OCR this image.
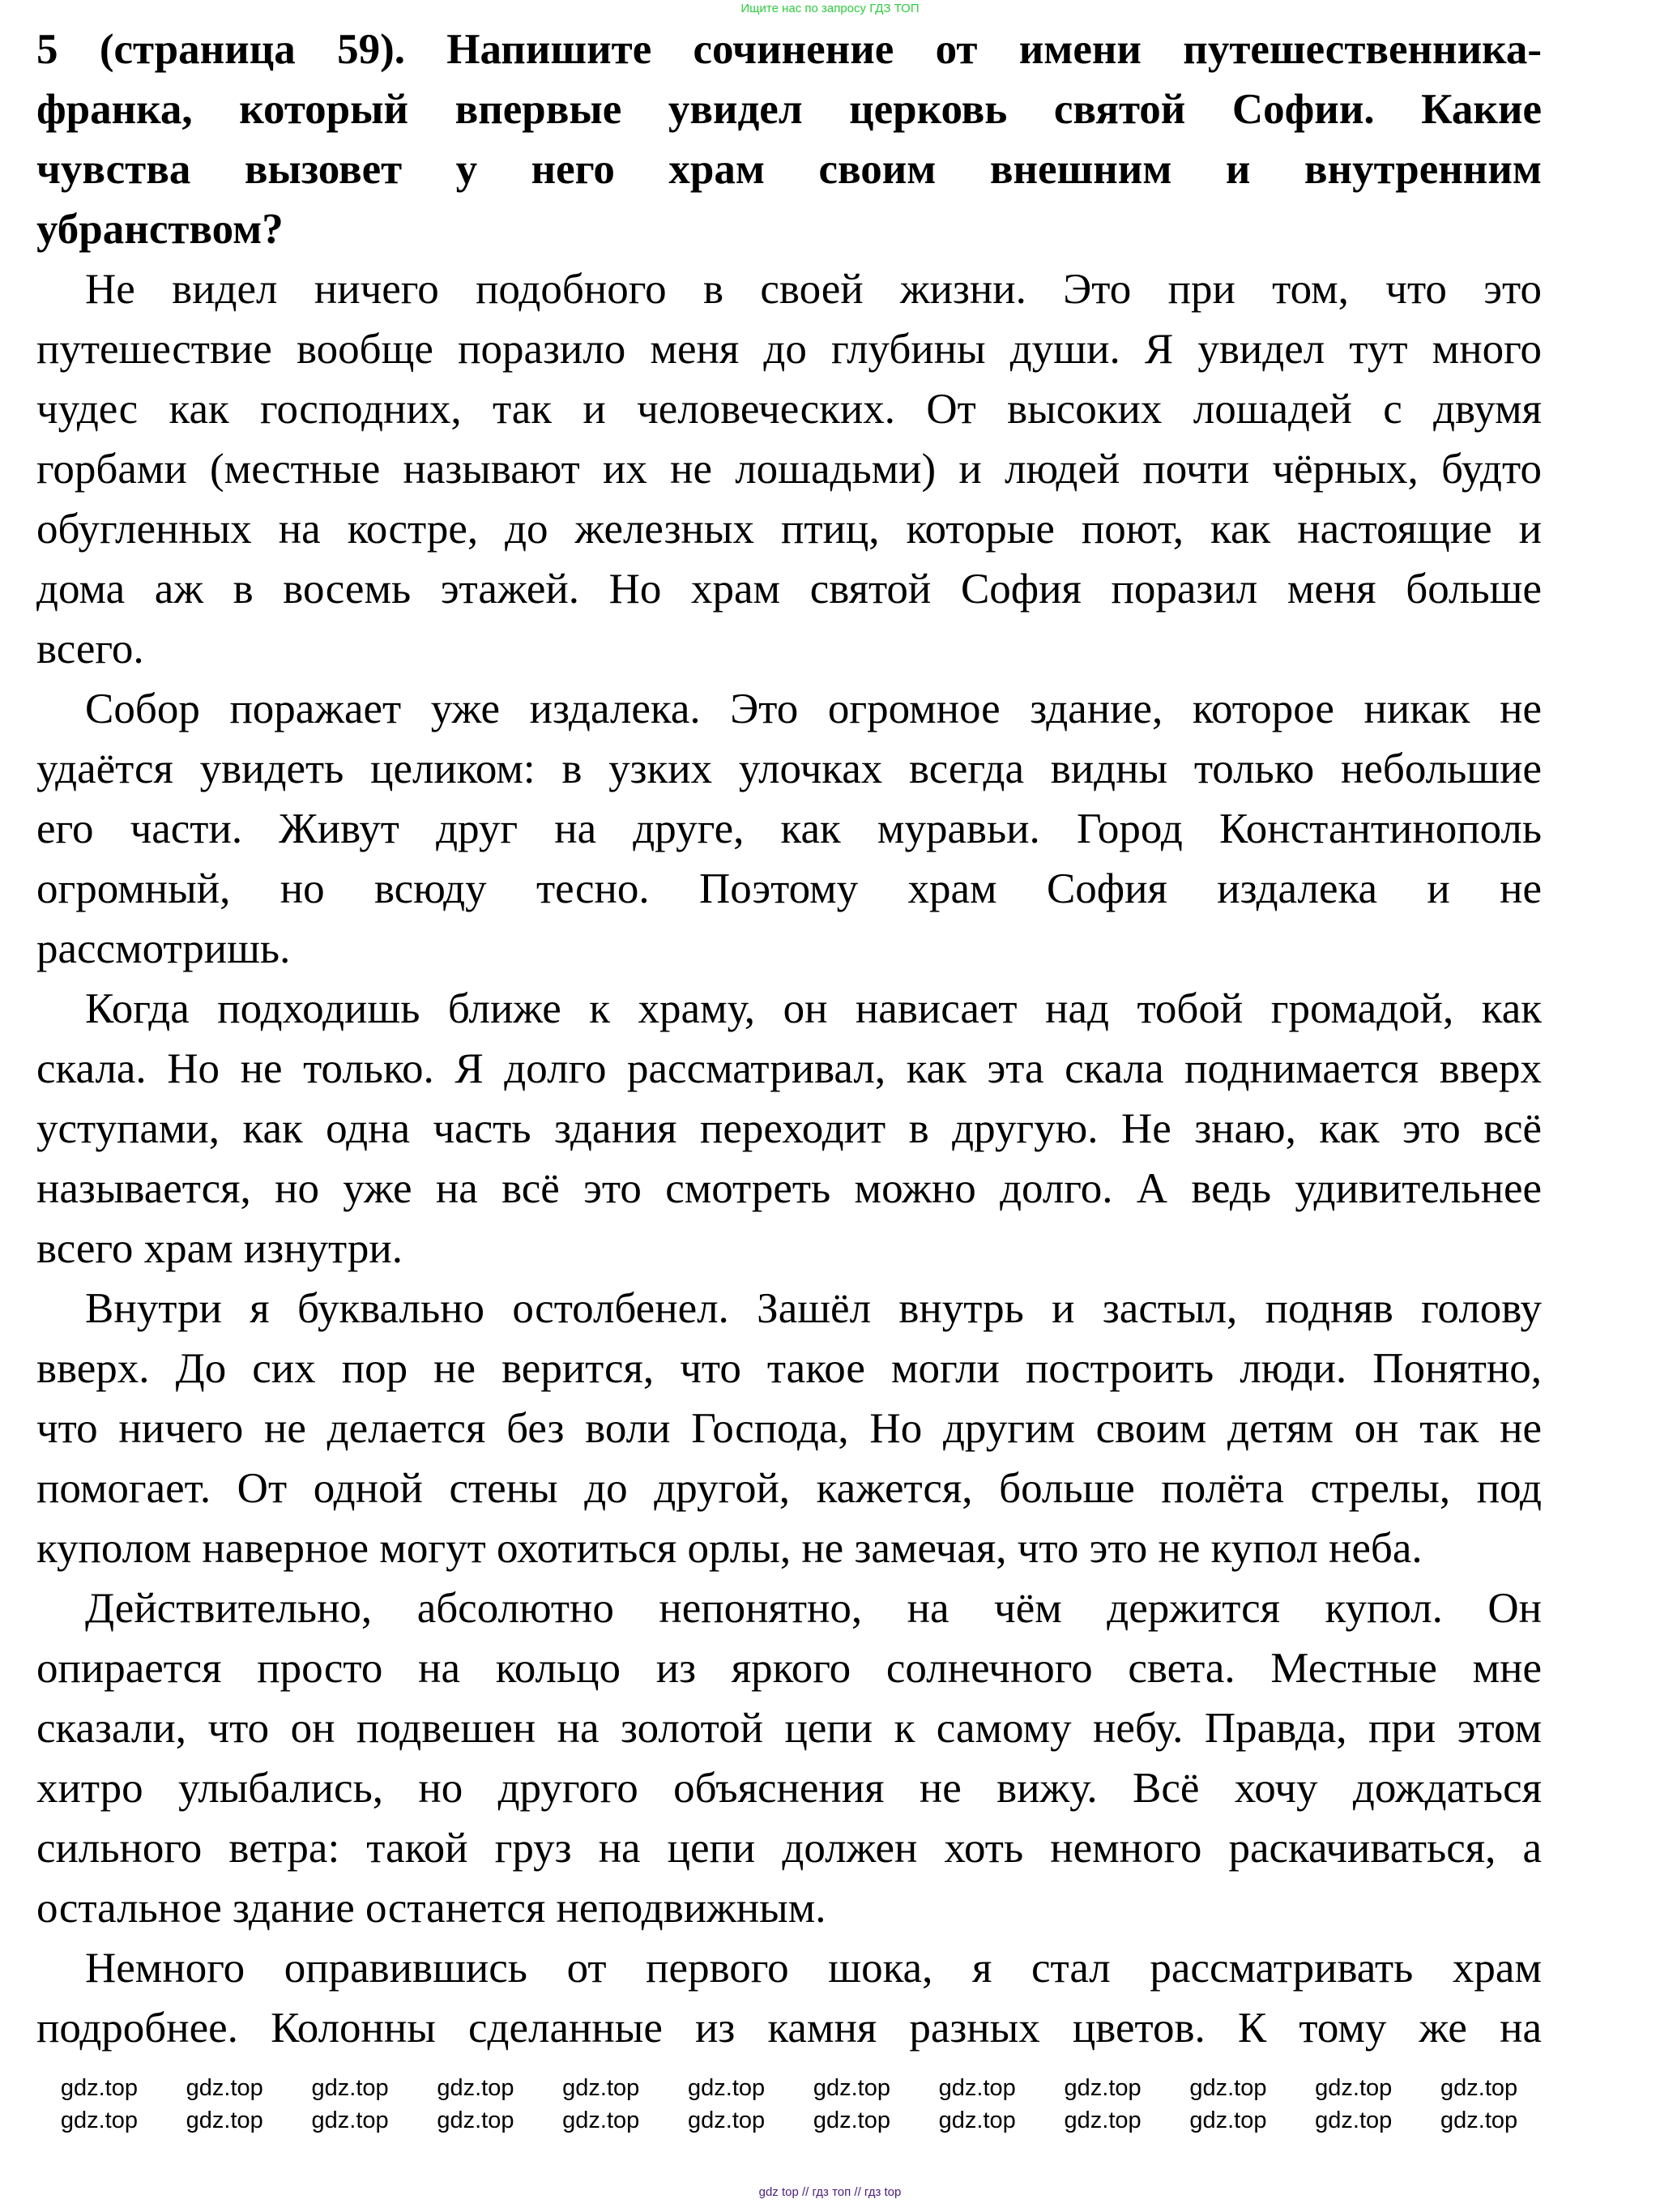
Ищите нас по запросу ГДЗ ТОП
5 (страница 59). Напишите сочинение от имени путешественника-
франка, который впервые увидел церковь святой Софии. Какие
чувства вызовет у него храм своим внешним и внутренним
убранством?
Не видел ничего подобного в своей жизни. Это при том, что это
путешествие вообще поразило меня до глубины души. Я увидел тут много
чудес как господних, так и человеческих. От высоких лошадей с двумя
горбами (местные называют их не лошадьми) и людей почти чёрных, будто
обугленных на костре, до железных птиц, которые поют, как настоящие и
дома аж в восемь этажей. Но храм святой София поразил меня больше
всего.
Собор поражает уже издалека. Это огромное здание, которое никак не
удаётся увидеть целиком: в узких улочках всегда видны только небольшие
его части. Живут друг на друге, как муравьи. Город Константинополь
огромный, но всюду тесно. Поэтому храм София издалека и не
рассмотришь.
Когда подходишь ближе к храму, он нависает над тобой громадой, как
скала. Но не только. Я долго рассматривал, как эта скала поднимается вверх
уступами, как одна часть здания переходит в другую. Не знаю, как это всё
называется, но уже на всё это смотреть можно долго. А ведь удивительнее
всего храм изнутри.
Внутри я буквально остолбенел. Зашёл внутрь и застыл, подняв голову
вверх. До сих пор не верится, что такое могли построить люди. Понятно,
что ничего не делается без воли Господа, Но другим своим детям он так не
помогает. От одной стены до другой, кажется, больше полёта стрелы, под
куполом наверное могут охотиться орлы, не замечая, что это не купол неба.
Действительно, абсолютно непонятно, на чём держится купол. Он
опирается просто на кольцо из яркого солнечного света. Местные мне
сказали, что он подвешен на золотой цепи к самому небу. Правда, при этом
хитро улыбались, но другого объяснения не вижу. Всё хочу дождаться
сильного ветра: такой груз на цепи должен хоть немного раскачиваться, а
остальное здание останется неподвижным.
Немного оправившись от первого шока, я стал рассматривать храм
подробнее. Колонны сделанные из камня разных цветов. К тому же на
gdz.top	gdz.top	gdz.top	gdz.top	gdz.top	gdz.top	gdz.top	gdz.top	gdz.top	gdz.top	gdz.top	gdz.top
gdz.top	gdz.top	gdz.top	gdz.top	gdz.top	gdz.top	gdz.top	gdz.top	gdz.top	gdz.top	gdz.top	gdz.top
gdz top // гдз топ // гдз top
